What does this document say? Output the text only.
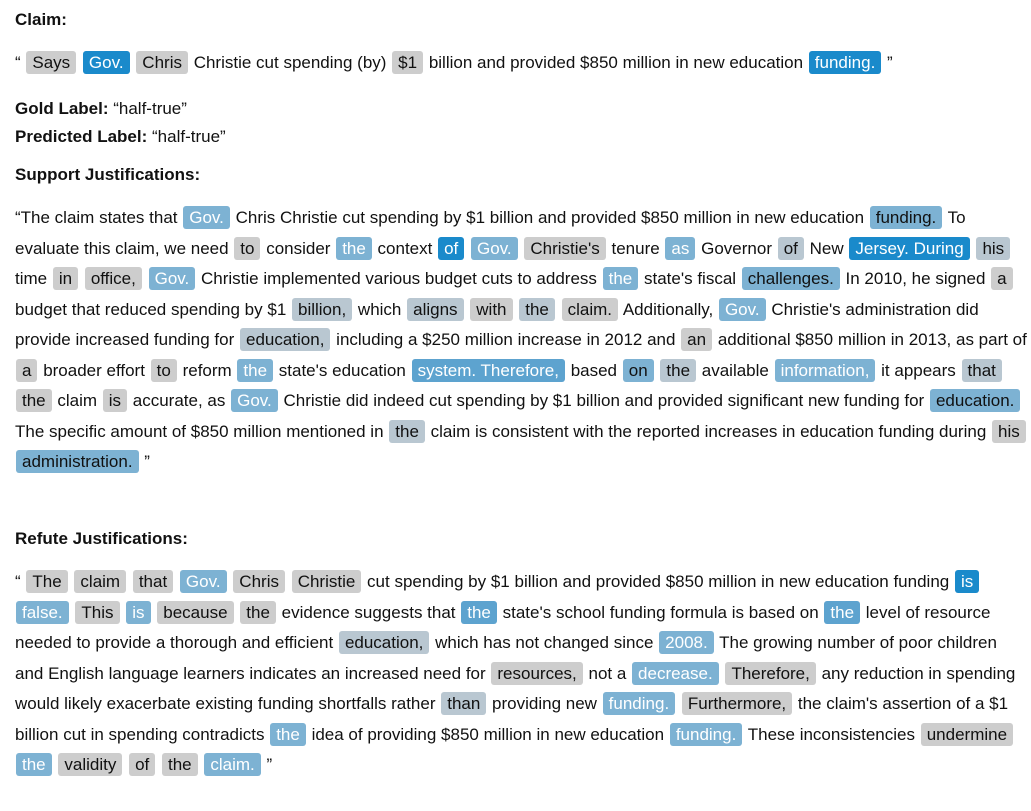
Claim:

“ Says Gov. Chris Christie cut spending (by) $1 billion and provided $850 million in new education funding. ”

Gold Label: “half-true”
Predicted Label: “half-true”
Support Justifications:

“The claim states that Gov. Chris Christie cut spending by $1 billion and provided $850 million in new education funding. To evaluate this claim, we need to consider the context of Gov. Christie's tenure as Governor of New Jersey. During his time in office, Gov. Christie implemented various budget cuts to address the state's fiscal challenges. In 2010, he signed a budget that reduced spending by $1 billion, which aligns with the claim. Additionally, Gov. Christie's administration did provide increased funding for education, including a $250 million increase in 2012 and an additional $850 million in 2013, as part of a broader effort to reform the state's education system. Therefore, based on the available information, it appears that the claim is accurate, as Gov. Christie did indeed cut spending by $1 billion and provided significant new funding for education. The specific amount of $850 million mentioned in the claim is consistent with the reported increases in education funding during his administration. ”

Refute Justifications:

“ The claim that Gov. Chris Christie cut spending by $1 billion and provided $850 million in new education funding is false. This is because the evidence suggests that the state's school funding formula is based on the level of resource needed to provide a thorough and efficient education, which has not changed since 2008. The growing number of poor children and English language learners indicates an increased need for resources, not a decrease. Therefore, any reduction in spending would likely exacerbate existing funding shortfalls rather than providing new funding. Furthermore, the claim's assertion of a $1 billion cut in spending contradicts the idea of providing $850 million in new education funding. These inconsistencies undermine the validity of the claim. ”
